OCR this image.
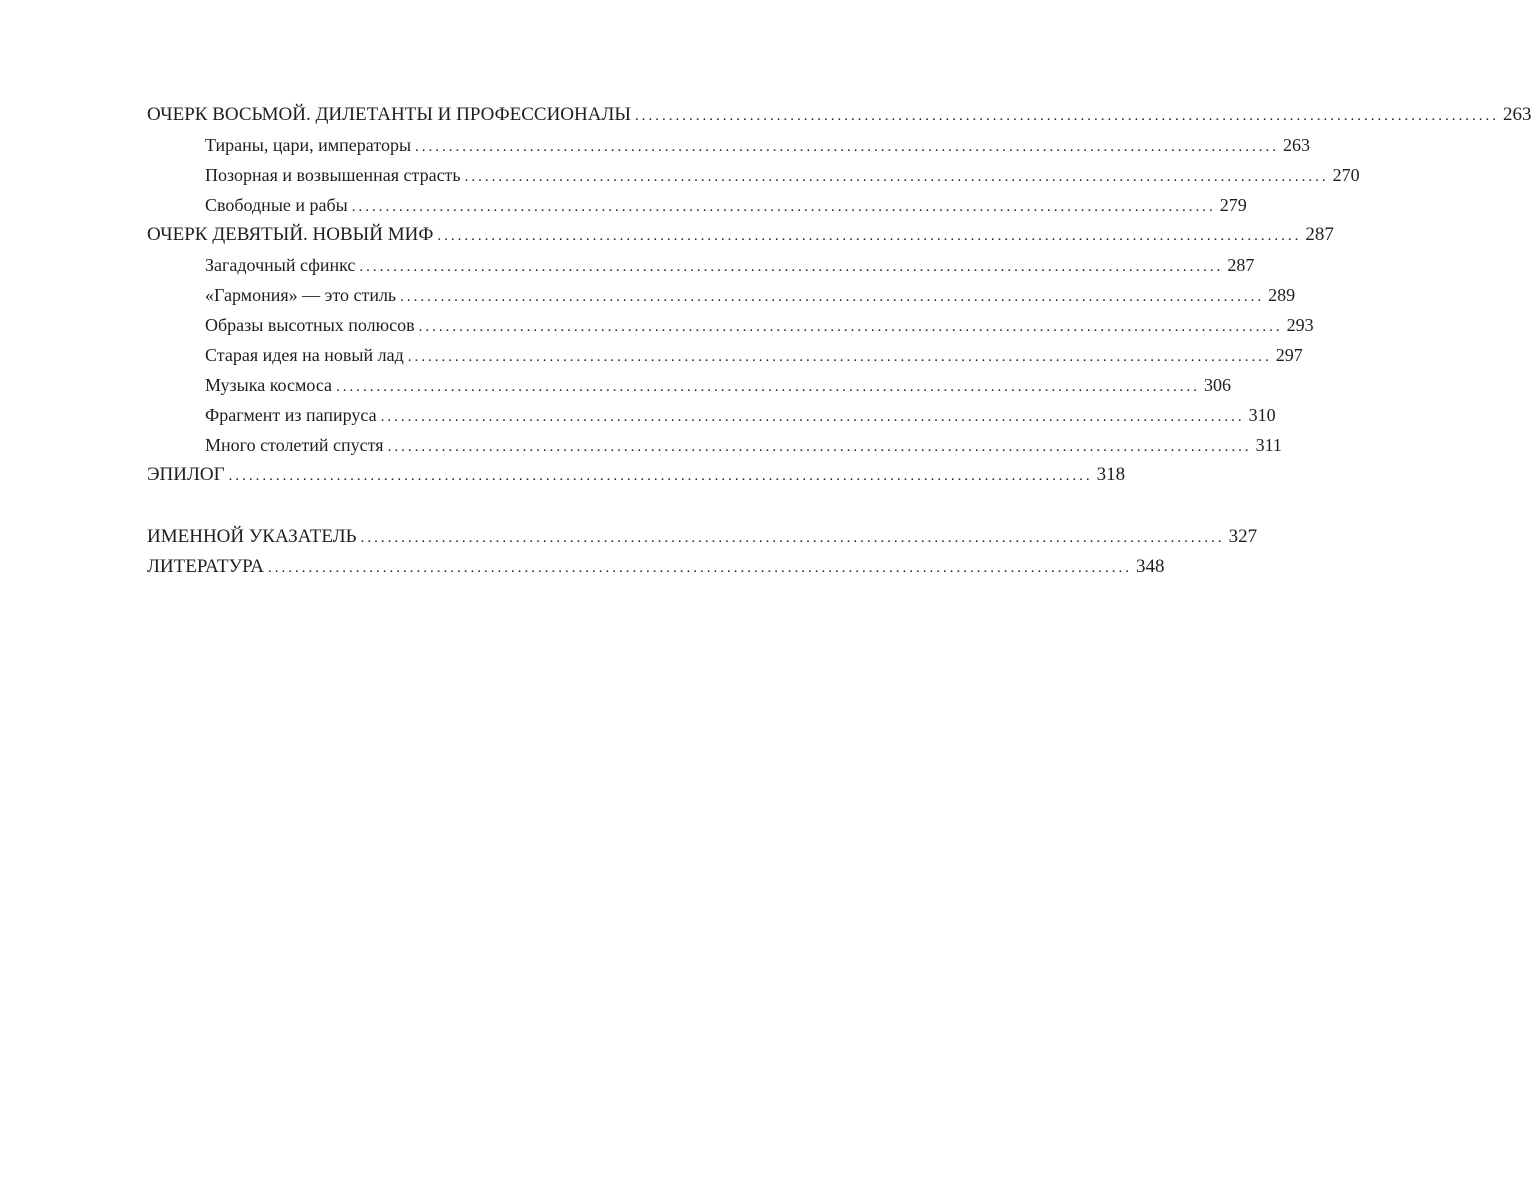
ОЧЕРК ВОСЬМОЙ. ДИЛЕТАНТЫ И ПРОФЕССИОНАЛЫ ................................................................................................................................ 263
Тираны, цари, императоры ................................................................................................................................ 263
Позорная и возвышенная страсть ................................................................................................................................ 270
Свободные и рабы ................................................................................................................................ 279
ОЧЕРК ДЕВЯТЫЙ. НОВЫЙ МИФ ................................................................................................................................ 287
Загадочный сфинкс ................................................................................................................................ 287
«Гармония» — это стиль ................................................................................................................................ 289
Образы высотных полюсов ................................................................................................................................ 293
Старая идея на новый лад ................................................................................................................................ 297
Музыка космоса ................................................................................................................................ 306
Фрагмент из папируса ................................................................................................................................ 310
Много столетий спустя ................................................................................................................................ 311
ЭПИЛОГ ................................................................................................................................ 318
ИМЕННОЙ УКАЗАТЕЛЬ ................................................................................................................................ 327
ЛИТЕРАТУРА ................................................................................................................................ 348
